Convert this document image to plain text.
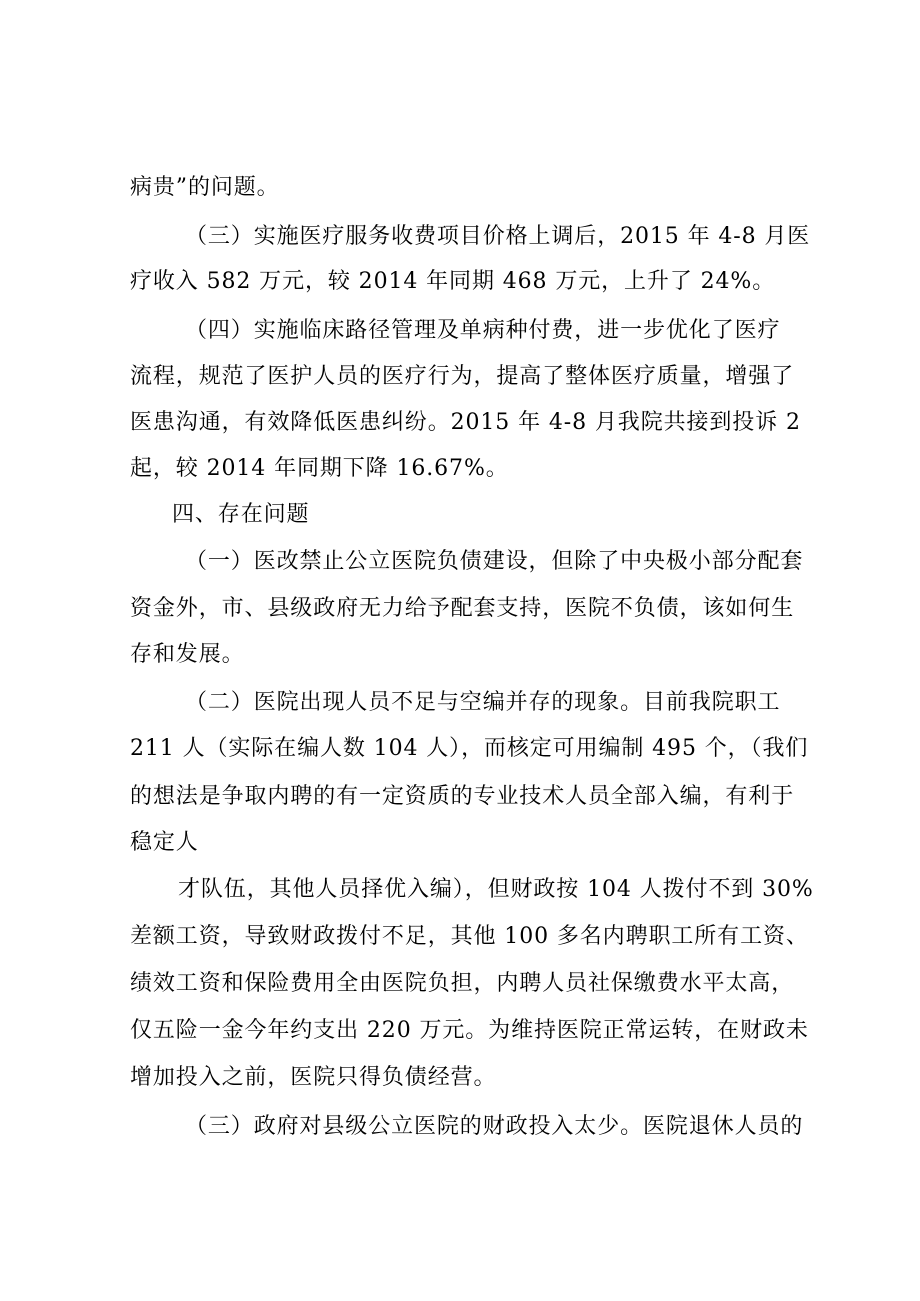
病贵”的问题。
（三）实施医疗服务收费项目价格上调后，2015 年 4-8 月医
疗收入 582 万元，较 2014 年同期 468 万元，上升了 24%。
（四）实施临床路径管理及单病种付费，进一步优化了医疗
流程，规范了医护人员的医疗行为，提高了整体医疗质量，增强了
医患沟通，有效降低医患纠纷。2015 年 4-8 月我院共接到投诉 2
起，较 2014 年同期下降 16.67%。
四、存在问题
（一）医改禁止公立医院负债建设，但除了中央极小部分配套
资金外，市、县级政府无力给予配套支持，医院不负债，该如何生
存和发展。
（二）医院出现人员不足与空编并存的现象。目前我院职工
211 人（实际在编人数 104 人），而核定可用编制 495 个，（我们
的想法是争取内聘的有一定资质的专业技术人员全部入编，有利于
稳定人
才队伍，其他人员择优入编），但财政按 104 人拨付不到 30%
差额工资，导致财政拨付不足，其他 100 多名内聘职工所有工资、
绩效工资和保险费用全由医院负担，内聘人员社保缴费水平太高，
仅五险一金今年约支出 220 万元。为维持医院正常运转，在财政未
增加投入之前，医院只得负债经营。
（三）政府对县级公立医院的财政投入太少。医院退休人员的
